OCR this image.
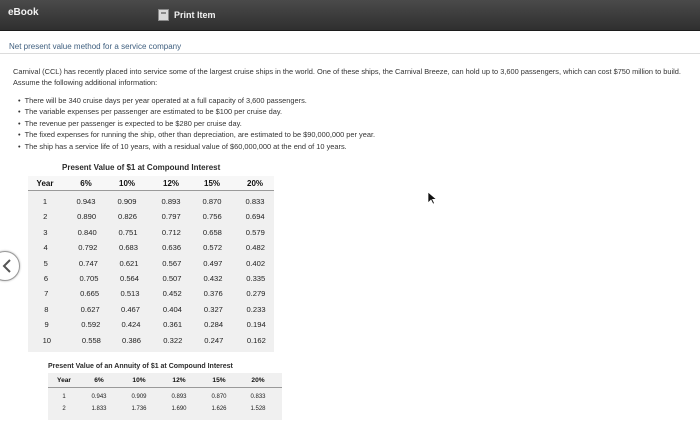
eBook	Print Item
Net present value method for a service company
Carnival (CCL) has recently placed into service some of the largest cruise ships in the world. One of these ships, the Carnival Breeze, can hold up to 3,600 passengers, which can cost $750 million to build. Assume the following additional information:
• There will be 340 cruise days per year operated at a full capacity of 3,600 passengers.
• The variable expenses per passenger are estimated to be $100 per cruise day.
• The revenue per passenger is expected to be $280 per cruise day.
• The fixed expenses for running the ship, other than depreciation, are estimated to be $90,000,000 per year.
• The ship has a service life of 10 years, with a residual value of $60,000,000 at the end of 10 years.
Present Value of $1 at Compound Interest
Year	6%	10%	12%	15%	20%
1	0.943	0.909	0.893	0.870	0.833
2	0.890	0.826	0.797	0.756	0.694
3	0.840	0.751	0.712	0.658	0.579
4	0.792	0.683	0.636	0.572	0.482
5	0.747	0.621	0.567	0.497	0.402
6	0.705	0.564	0.507	0.432	0.335
7	0.665	0.513	0.452	0.376	0.279
8	0.627	0.467	0.404	0.327	0.233
9	0.592	0.424	0.361	0.284	0.194
10	0.558	0.386	0.322	0.247	0.162
Present Value of an Annuity of $1 at Compound Interest
Year	6%	10%	12%	15%	20%
1	0.943	0.909	0.893	0.870	0.833
2	1.833	1.736	1.690	1.626	1.528
